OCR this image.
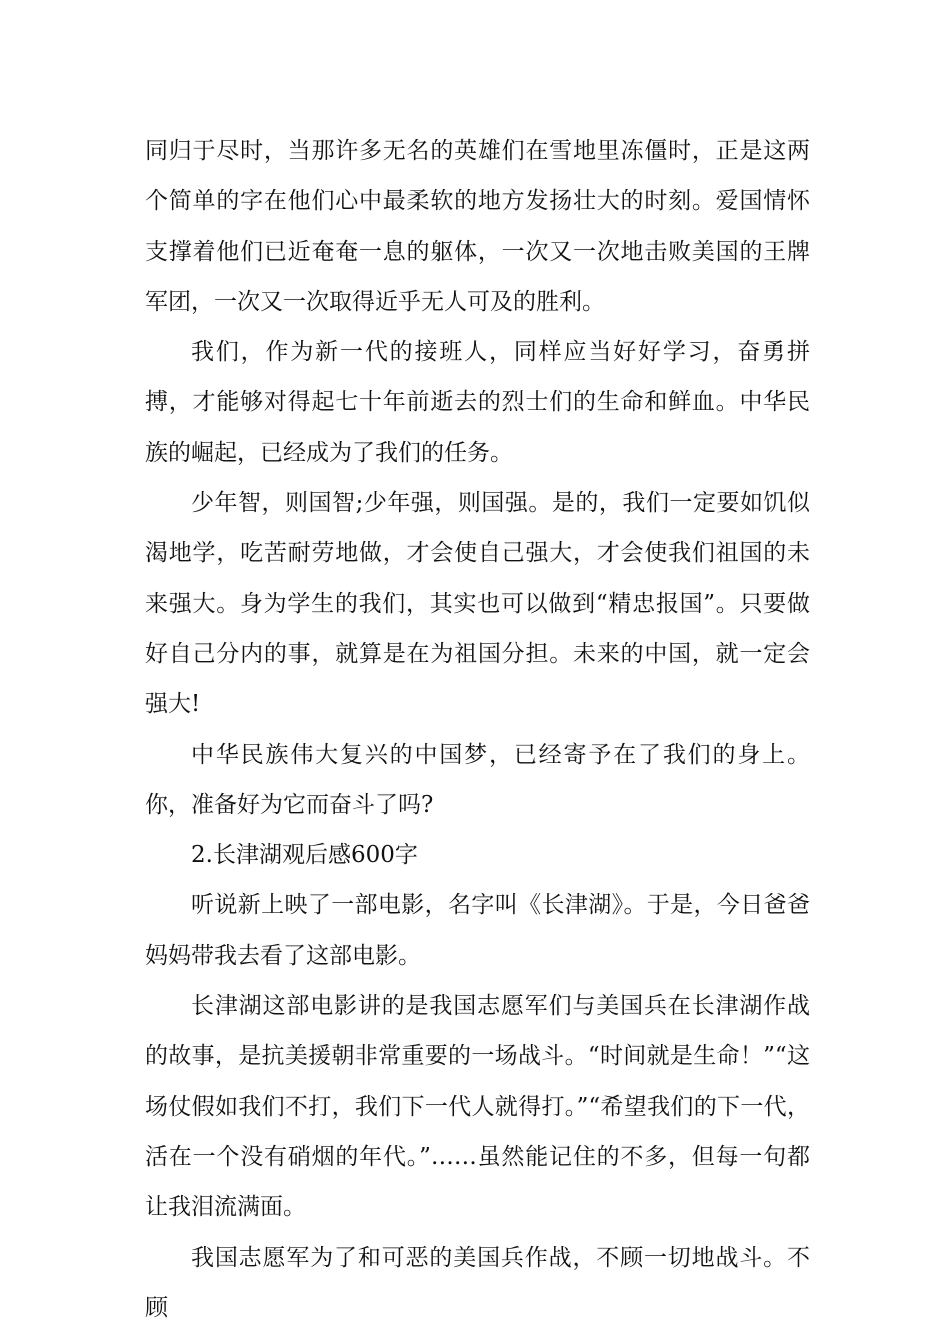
同归于尽时，当那许多无名的英雄们在雪地里冻僵时，正是这两个简单的字在他们心中最柔软的地方发扬壮大的时刻。爱国情怀支撑着他们已近奄奄一息的躯体，一次又一次地击败美国的王牌军团，一次又一次取得近乎无人可及的胜利。

我们，作为新一代的接班人，同样应当好好学习，奋勇拼搏，才能够对得起七十年前逝去的烈士们的生命和鲜血。中华民族的崛起，已经成为了我们的任务。

少年智，则国智;少年强，则国强。是的，我们一定要如饥似渴地学，吃苦耐劳地做，才会使自己强大，才会使我们祖国的未来强大。身为学生的我们，其实也可以做到“精忠报国”。只要做好自己分内的事，就算是在为祖国分担。未来的中国，就一定会强大!

中华民族伟大复兴的中国梦，已经寄予在了我们的身上。你，准备好为它而奋斗了吗?

2.长津湖观后感600字

听说新上映了一部电影，名字叫《长津湖》。于是，今日爸爸妈妈带我去看了这部电影。

长津湖这部电影讲的是我国志愿军们与美国兵在长津湖作战的故事，是抗美援朝非常重要的一场战斗。“时间就是生命！”“这场仗假如我们不打，我们下一代人就得打。”“希望我们的下一代，活在一个没有硝烟的年代。”……虽然能记住的不多，但每一句都让我泪流满面。

我国志愿军为了和可恶的美国兵作战，不顾一切地战斗。不顾
